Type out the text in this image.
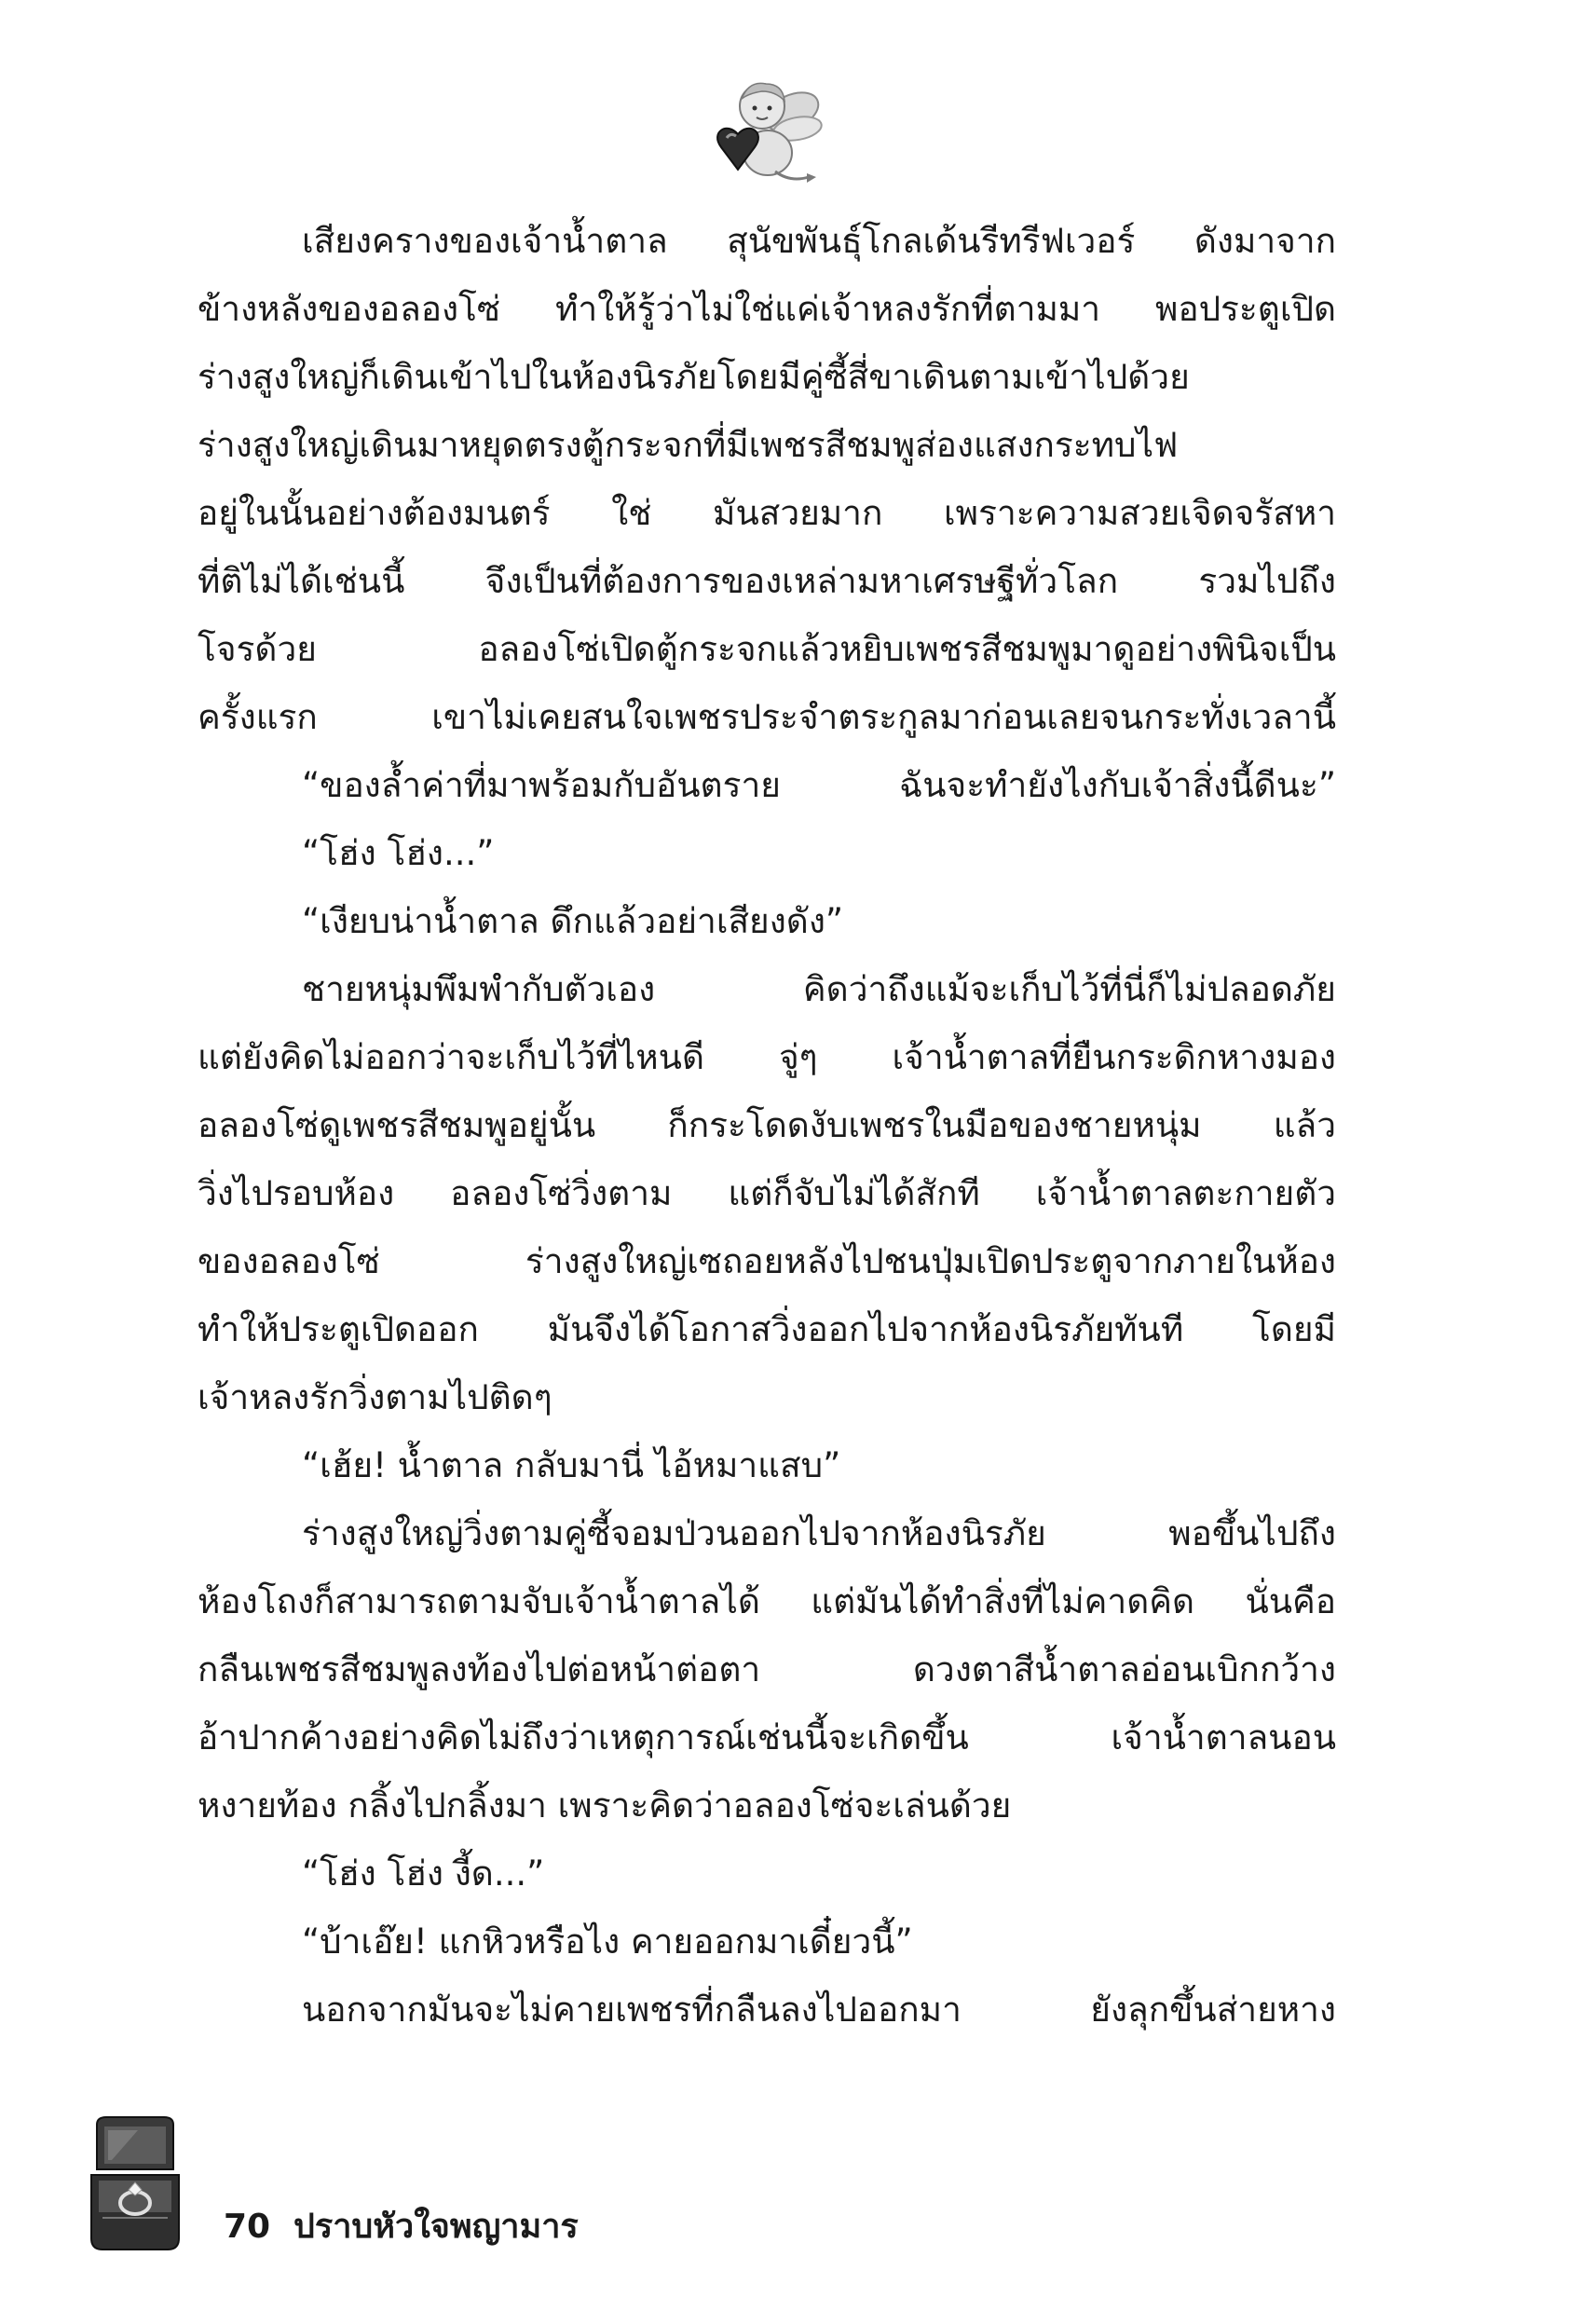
เสียงครางของเจ้าน้ำตาล สุนัขพันธุ์โกลเด้นรีทรีฟเวอร์ ดังมาจาก
ข้างหลังของอลองโซ่ ทำให้รู้ว่าไม่ใช่แค่เจ้าหลงรักที่ตามมา พอประตูเปิด
ร่างสูงใหญ่ก็เดินเข้าไปในห้องนิรภัยโดยมีคู่ซี้สี่ขาเดินตามเข้าไปด้วย
ร่างสูงใหญ่เดินมาหยุดตรงตู้กระจกที่มีเพชรสีชมพูส่องแสงกระทบไฟ
อยู่ในนั้นอย่างต้องมนตร์ ใช่ มันสวยมาก เพราะความสวยเจิดจรัสหา
ที่ติไม่ได้เช่นนี้ จึงเป็นที่ต้องการของเหล่ามหาเศรษฐีทั่วโลก รวมไปถึง
โจรด้วย อลองโซ่เปิดตู้กระจกแล้วหยิบเพชรสีชมพูมาดูอย่างพินิจเป็น
ครั้งแรก เขาไม่เคยสนใจเพชรประจำตระกูลมาก่อนเลยจนกระทั่งเวลานี้
“ของล้ำค่าที่มาพร้อมกับอันตราย ฉันจะทำยังไงกับเจ้าสิ่งนี้ดีนะ”
“โฮ่ง โฮ่ง...”
“เงียบน่าน้ำตาล ดึกแล้วอย่าเสียงดัง”
ชายหนุ่มพึมพำกับตัวเอง คิดว่าถึงแม้จะเก็บไว้ที่นี่ก็ไม่ปลอดภัย
แต่ยังคิดไม่ออกว่าจะเก็บไว้ที่ไหนดี จู่ๆ เจ้าน้ำตาลที่ยืนกระดิกหางมอง
อลองโซ่ดูเพชรสีชมพูอยู่นั้น ก็กระโดดงับเพชรในมือของชายหนุ่ม แล้ว
วิ่งไปรอบห้อง อลองโซ่วิ่งตาม แต่ก็จับไม่ได้สักที เจ้าน้ำตาลตะกายตัว
ของอลองโซ่ ร่างสูงใหญ่เซถอยหลังไปชนปุ่มเปิดประตูจากภายในห้อง
ทำให้ประตูเปิดออก มันจึงได้โอกาสวิ่งออกไปจากห้องนิรภัยทันที โดยมี
เจ้าหลงรักวิ่งตามไปติดๆ
“เฮ้ย! น้ำตาล กลับมานี่ ไอ้หมาแสบ”
ร่างสูงใหญ่วิ่งตามคู่ซี้จอมป่วนออกไปจากห้องนิรภัย พอขึ้นไปถึง
ห้องโถงก็สามารถตามจับเจ้าน้ำตาลได้ แต่มันได้ทำสิ่งที่ไม่คาดคิด นั่นคือ
กลืนเพชรสีชมพูลงท้องไปต่อหน้าต่อตา ดวงตาสีน้ำตาลอ่อนเบิกกว้าง
อ้าปากค้างอย่างคิดไม่ถึงว่าเหตุการณ์เช่นนี้จะเกิดขึ้น เจ้าน้ำตาลนอน
หงายท้อง กลิ้งไปกลิ้งมา เพราะคิดว่าอลองโซ่จะเล่นด้วย
“โฮ่ง โฮ่ง งี้ด...”
“บ้าเอ๊ย! แกหิวหรือไง คายออกมาเดี๋ยวนี้”
นอกจากมันจะไม่คายเพชรที่กลืนลงไปออกมา ยังลุกขึ้นส่ายหาง
70 ปราบหัวใจพญามาร
